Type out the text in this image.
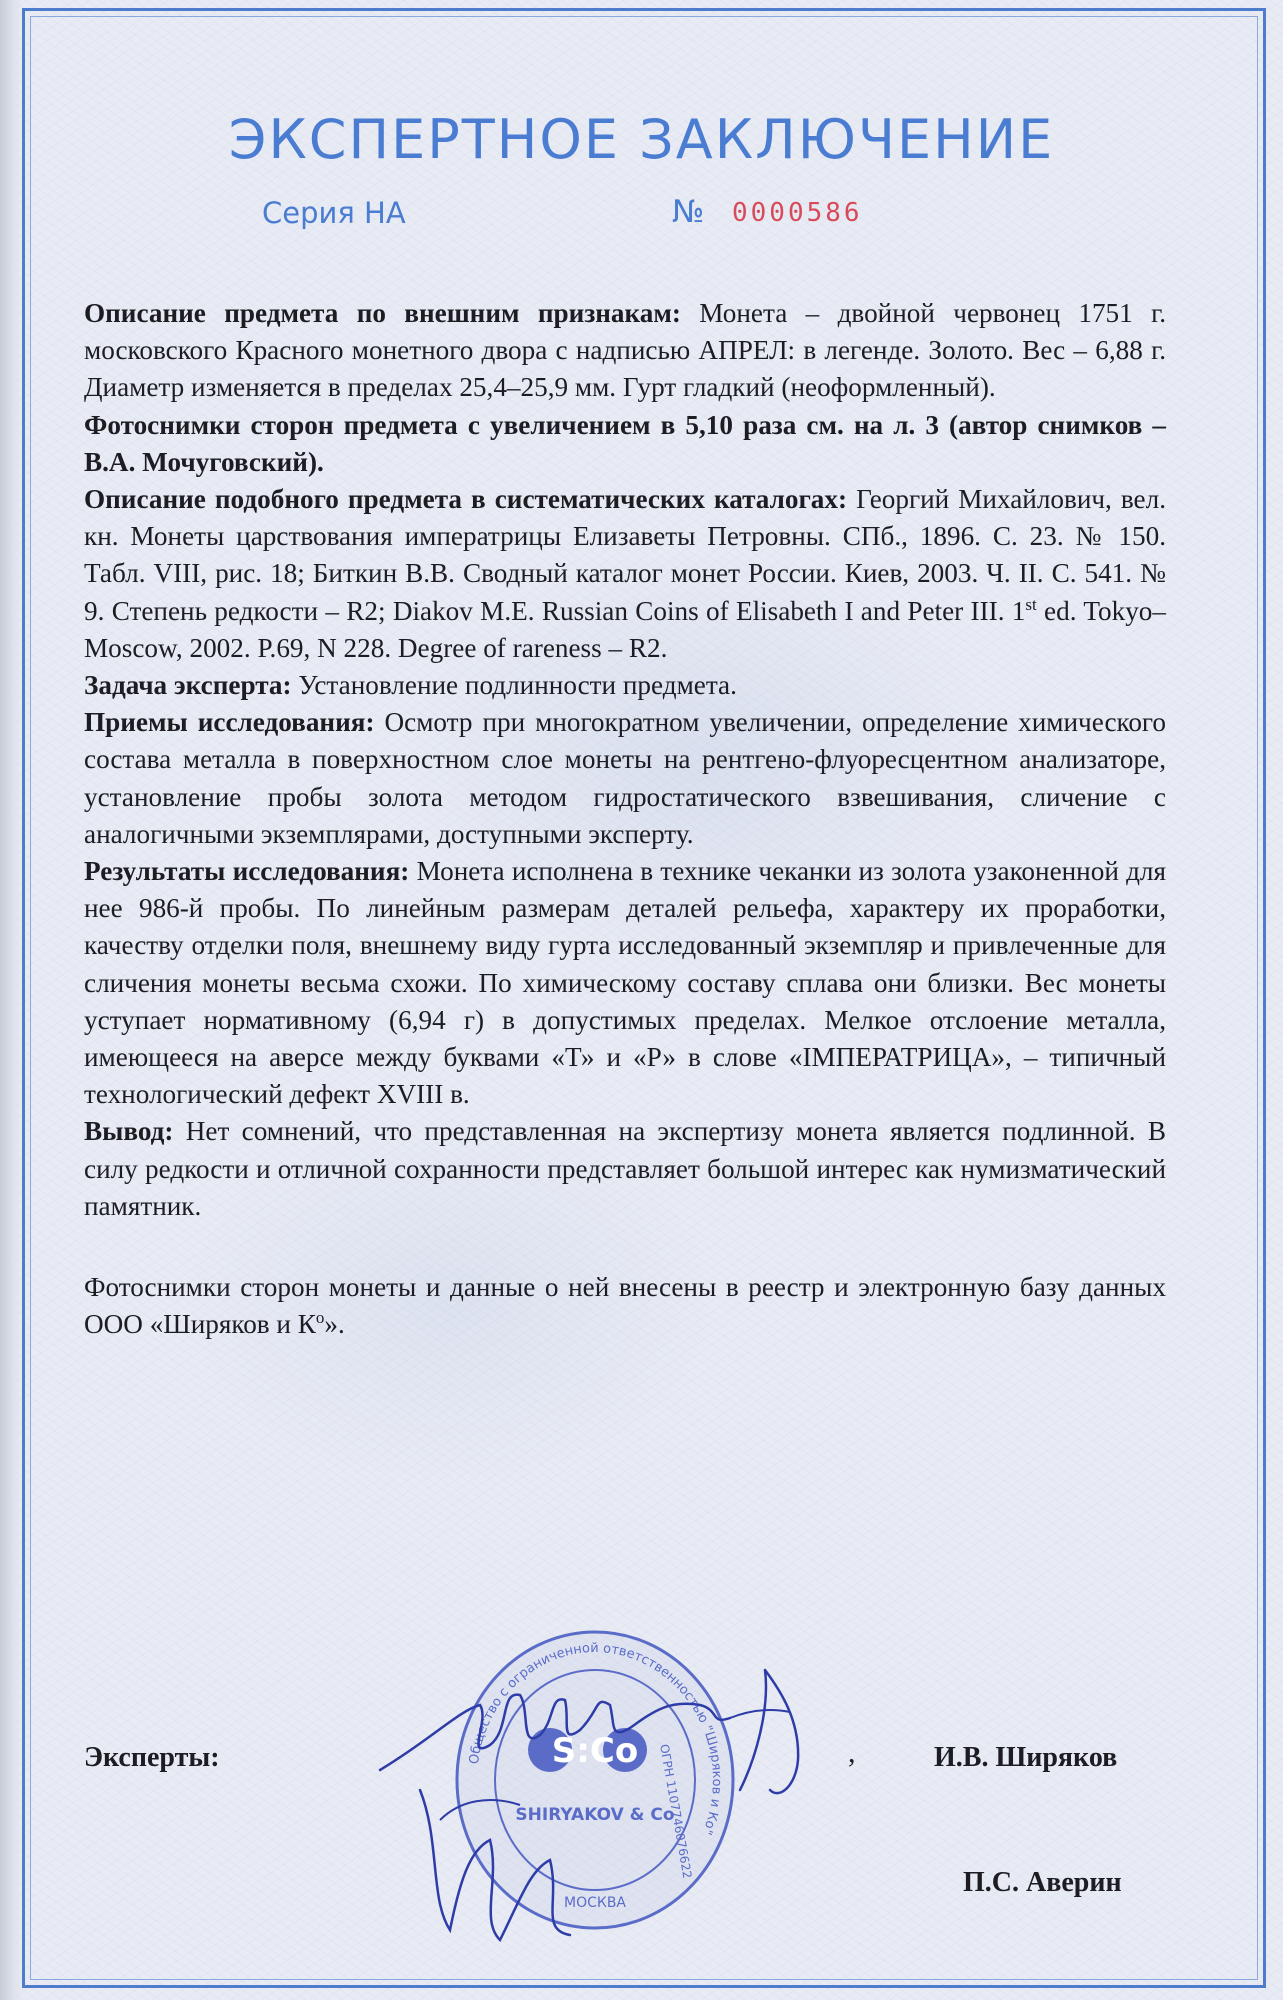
ЭКСПЕРТНОЕ ЗАКЛЮЧЕНИЕ
Серия НА	№ 0000586

Описание предмета по внешним признакам: Монета – двойной червонец 1751 г. московского Красного монетного двора с надписью АПРЕЛ: в легенде. Золото. Вес – 6,88 г. Диаметр изменяется в пределах 25,4–25,9 мм. Гурт гладкий (неоформленный).

Фотоснимки сторон предмета с увеличением в 5,10 раза см. на л. 3 (автор снимков – В.А. Мочуговский).

Описание подобного предмета в систематических каталогах: Георгий Михайлович, вел. кн. Монеты царствования императрицы Елизаветы Петровны. СПб., 1896. С. 23. № 150. Табл. VIII, рис. 18; Биткин В.В. Сводный каталог монет России. Киев, 2003. Ч. II. С. 541. № 9. Степень редкости – R2; Diakov M.E. Russian Coins of Elisabeth I and Peter III. 1st ed. Tokyo–Moscow, 2002. P.69, N 228. Degree of rareness – R2.

Задача эксперта: Установление подлинности предмета.

Приемы исследования: Осмотр при многократном увеличении, определение химического состава металла в поверхностном слое монеты на рентгено-флуоресцентном анализаторе, установление пробы золота методом гидростатического взвешивания, сличение с аналогичными экземплярами, доступными эксперту.

Результаты исследования: Монета исполнена в технике чеканки из золота узаконенной для нее 986-й пробы. По линейным размерам деталей рельефа, характеру их проработки, качеству отделки поля, внешнему виду гурта исследованный экземпляр и привлеченные для сличения монеты весьма схожи. По химическому составу сплава они близки. Вес монеты уступает нормативному (6,94 г) в допустимых пределах. Мелкое отслоение металла, имеющееся на аверсе между буквами «Т» и «Р» в слове «IМПЕРАТРИЦА», – типичный технологический дефект XVIII в.

Вывод: Нет сомнений, что представленная на экспертизу монета является подлинной. В силу редкости и отличной сохранности представляет большой интерес как нумизматический памятник.

Фотоснимки сторон монеты и данные о ней внесены в реестр и электронную базу данных ООО «Ширяков и $К^о$».

Эксперты:	Общество с ограниченной ответственностью "Ширяков и Ко"
ОГРН 1107746076622
S:Co
SHIRYAKOV & Co
МОСКВА
,	И.В. Ширяков
П.С. Аверин
